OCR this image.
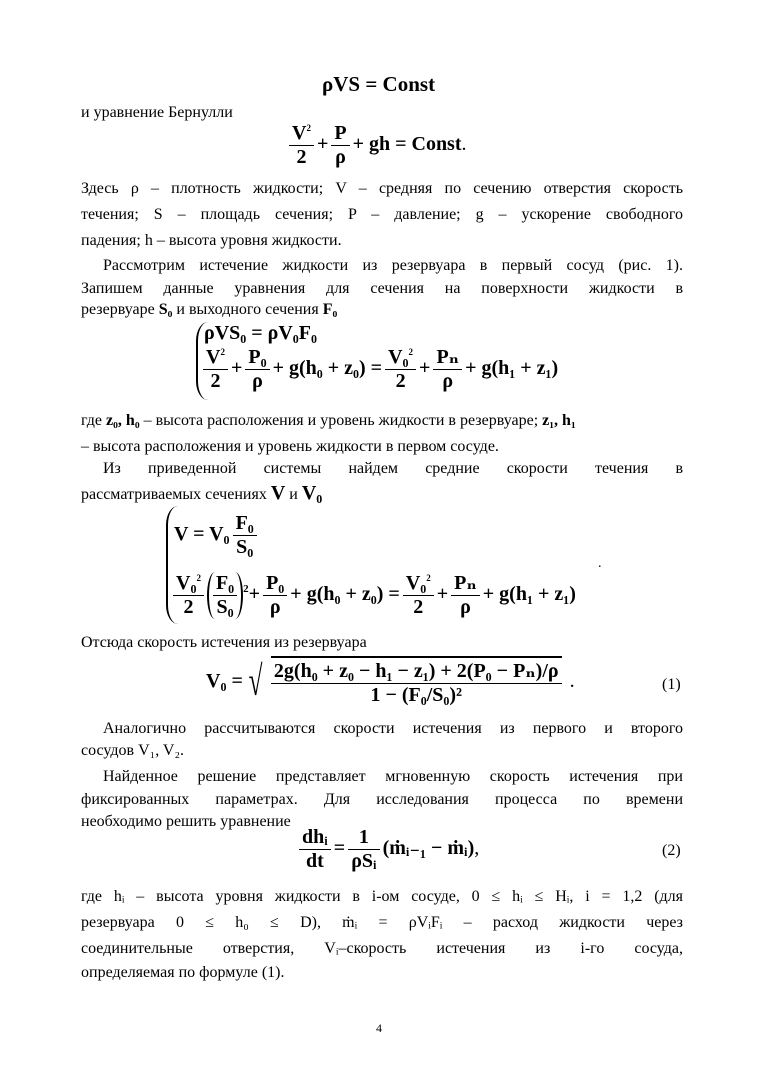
ρVS = Const
и уравнение Бернулли
$\frac{V^2}{2} + \frac{P}{\rho}$ + gh = Const.
Здесь ρ – плотность жидкости; V – средняя по сечению отверстия скорость
течения; S – площадь сечения; P – давление; g – ускорение свободного
падения; h – высота уровня жидкости.
Рассмотрим истечение жидкости из резервуара в первый сосуд (рис. 1).
Запишем данные уравнения для сечения на поверхности жидкости в
резервуаре S₀ и выходного сечения F₀
ρVS₀ = ρV₀F₀
$\frac{V^2}{2} + \frac{\text{P₀}}{\rho} + g(h_0 + z_0) = \frac{V_0^2}{2} + \frac{\text{Pₙ}}{\rho} + g(h_1 + z_1)$
где z₀, h₀ – высота расположения и уровень жидкости в резервуаре; z₁, h₁
– высота расположения и уровень жидкости в первом сосуде.
Из приведенной системы найдем средние скорости течения в
рассматриваемых сечениях V и V₀
$V = V_0 \frac{\text{F₀}}{\text{S₀}}$
$\frac{V_0^2}{2} \frac{\text{F₀}}{\text{S₀}} ^2+ \frac{\text{P₀}}{\rho} + g(h_0 + z_0) = \frac{V_0^2}{2} + \frac{\text{Pₙ}}{\rho} + g(h_1 + z_1)$
.
Отсюда скорость истечения из резервуара
V₀ = √ $\frac{\text{2g(h₀ + z₀ − h₁ − z₁) + 2(P₀ − Pₙ)/ρ}}{\text{1 − (F₀/S₀)²}}$ .	(1)
Аналогично рассчитываются скорости истечения из первого и второго
сосудов V₁, V₂.
Найденное решение представляет мгновенную скорость истечения при
фиксированных параметрах. Для исследования процесса по времени
необходимо решить уравнение
$\frac{\text{dhᵢ}}{dt} = \frac{1}{\text{ρSᵢ}}$ (ṁᵢ₋₁ − ṁᵢ),	(2)
где hᵢ – высота уровня жидкости в i-ом сосуде, 0 ≤ hᵢ ≤ Hᵢ, i = 1,2 (для
резервуара 0 ≤ h₀ ≤ D), ṁᵢ = ρVᵢFᵢ – расход жидкости через
соединительные отверстия, Vᵢ–скорость истечения из i-го сосуда,
определяемая по формуле (1).
4
